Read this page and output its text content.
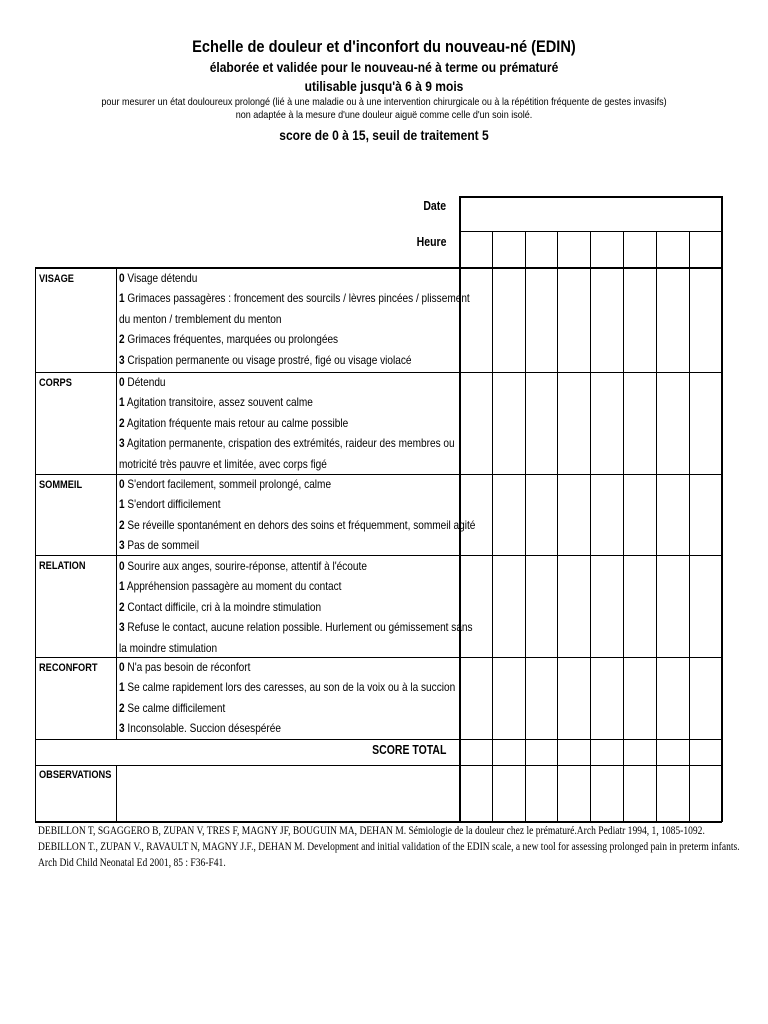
Echelle de douleur et d'inconfort du nouveau-né (EDIN)
élaborée et validée pour le nouveau-né à terme ou prématuré
utilisable jusqu'à 6 à 9 mois
pour mesurer un état douloureux prolongé (lié à une maladie ou à une intervention chirurgicale ou à la répétition fréquente de gestes invasifs)
non adaptée à la mesure d'une douleur aiguë comme celle d'un soin isolé.
score de 0 à 15, seuil de traitement 5
Date
Heure
VISAGE	0 Visage détendu
1 Grimaces passagères : froncement des sourcils / lèvres pincées / plissement
du menton / tremblement du menton
2 Grimaces fréquentes, marquées ou prolongées
3 Crispation permanente ou visage prostré, figé ou visage violacé
CORPS	0 Détendu
1 Agitation transitoire, assez souvent calme
2 Agitation fréquente mais retour au calme possible
3 Agitation permanente, crispation des extrémités, raideur des membres ou
motricité très pauvre et limitée, avec corps figé
SOMMEIL	0 S'endort facilement, sommeil prolongé, calme
1 S'endort difficilement
2 Se réveille spontanément en dehors des soins et fréquemment, sommeil agité
3 Pas de sommeil
RELATION	0 Sourire aux anges, sourire-réponse, attentif à l'écoute
1 Appréhension passagère au moment du contact
2 Contact difficile, cri à la moindre stimulation
3 Refuse le contact, aucune relation possible. Hurlement ou gémissement sans
la moindre stimulation
RECONFORT	0 N'a pas besoin de réconfort
1 Se calme rapidement lors des caresses, au son de la voix ou à la succion
2 Se calme difficilement
3 Inconsolable. Succion désespérée
SCORE TOTAL
OBSERVATIONS
DEBILLON T, SGAGGERO B, ZUPAN V, TRES F, MAGNY JF, BOUGUIN MA, DEHAN M. Sémiologie de la douleur chez le prématuré.Arch Pediatr 1994, 1, 1085-1092.
DEBILLON T., ZUPAN V., RAVAULT N, MAGNY J.F., DEHAN M. Development and initial validation of the EDIN scale, a new tool for assessing prolonged pain in preterm infants.
Arch Did Child Neonatal Ed 2001, 85 : F36-F41.
